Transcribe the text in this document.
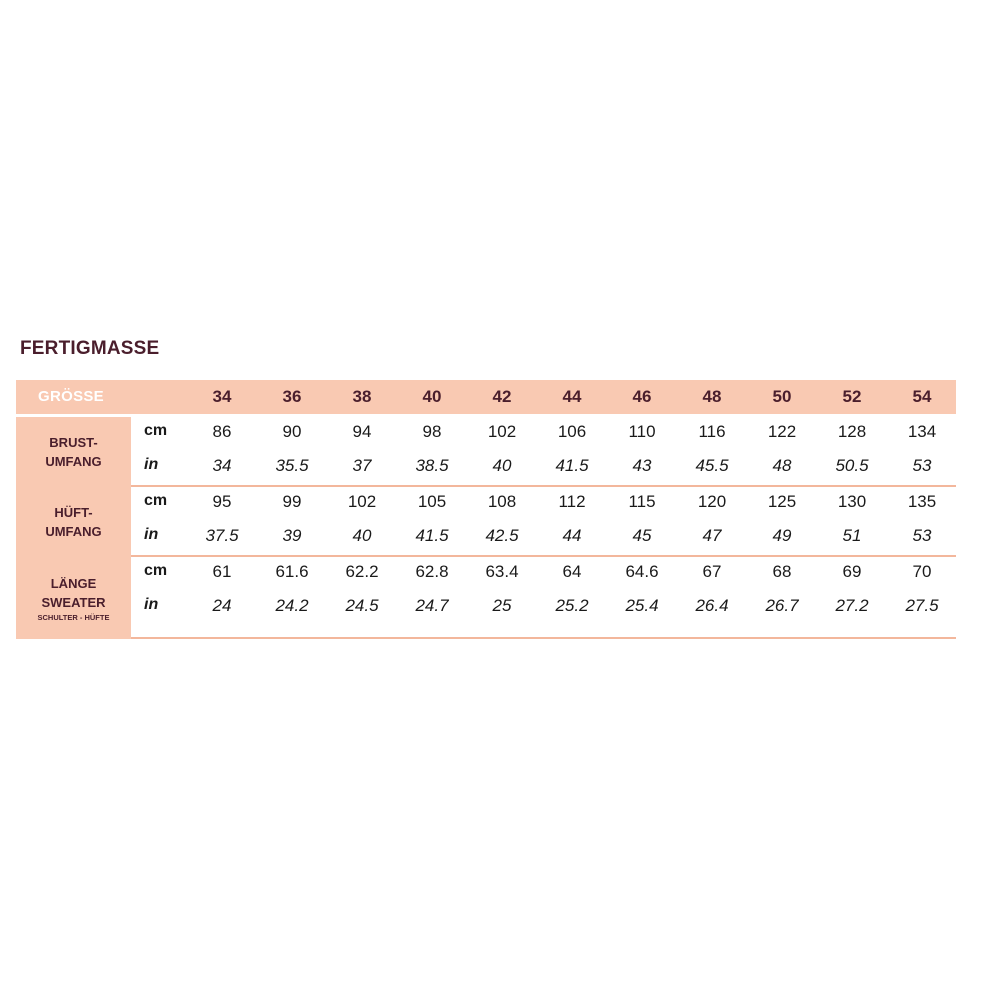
FERTIGMASSE
GRÖSSE	34	36	38	40	42	44	46	48	50	52	54
BRUST-
UMFANG
cm	86	90	94	98	102	106	110	116	122	128	134
in	34	35.5	37	38.5	40	41.5	43	45.5	48	50.5	53
HÜFT-
UMFANG
cm	95	99	102	105	108	112	115	120	125	130	135
in	37.5	39	40	41.5	42.5	44	45	47	49	51	53
LÄNGE
SWEATER
SCHULTER - HÜFTE
cm	61	61.6	62.2	62.8	63.4	64	64.6	67	68	69	70
in	24	24.2	24.5	24.7	25	25.2	25.4	26.4	26.7	27.2	27.5
